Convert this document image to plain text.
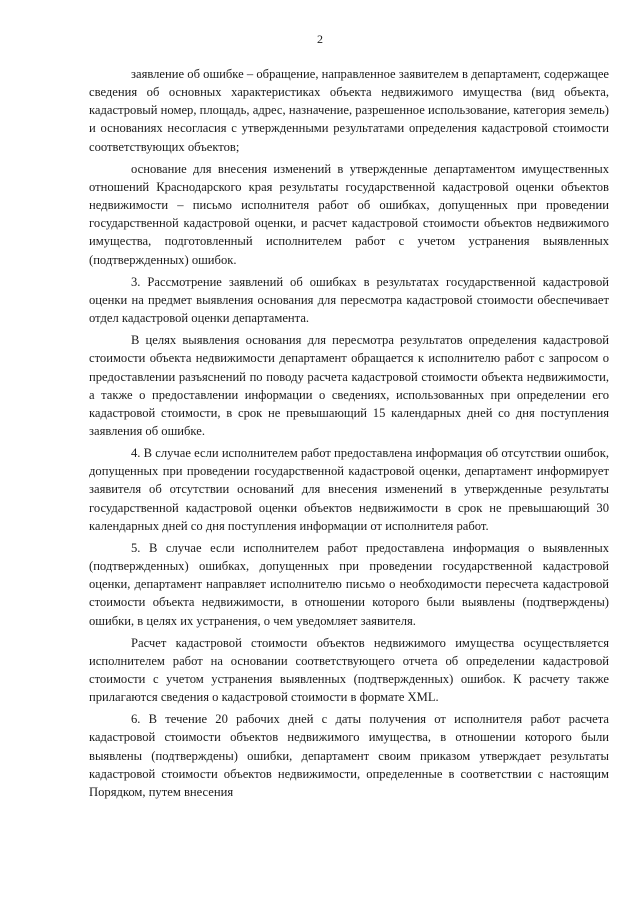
2

заявление об ошибке – обращение, направленное заявителем в департамент, содержащее сведения об основных характеристиках объекта недвижимого имущества (вид объекта, кадастровый номер, площадь, адрес, назначение, разрешенное использование, категория земель) и основаниях несогласия с утвержденными результатами определения кадастровой стоимости соответствующих объектов;

основание для внесения изменений в утвержденные департаментом имущественных отношений Краснодарского края результаты государственной кадастровой оценки объектов недвижимости – письмо исполнителя работ об ошибках, допущенных при проведении государственной кадастровой оценки, и расчет кадастровой стоимости объектов недвижимого имущества, подготовленный исполнителем работ с учетом устранения выявленных (подтвержденных) ошибок.

3. Рассмотрение заявлений об ошибках в результатах государственной кадастровой оценки на предмет выявления основания для пересмотра кадастровой стоимости обеспечивает отдел кадастровой оценки департамента.

В целях выявления основания для пересмотра результатов определения кадастровой стоимости объекта недвижимости департамент обращается к исполнителю работ с запросом о предоставлении разъяснений по поводу расчета кадастровой стоимости объекта недвижимости, а также о предоставлении информации о сведениях, использованных при определении его кадастровой стоимости, в срок не превышающий 15 календарных дней со дня поступления заявления об ошибке.

4. В случае если исполнителем работ предоставлена информация об отсутствии ошибок, допущенных при проведении государственной кадастровой оценки, департамент информирует заявителя об отсутствии оснований для внесения изменений в утвержденные результаты государственной кадастровой оценки объектов недвижимости в срок не превышающий 30 календарных дней со дня поступления информации от исполнителя работ.

5. В случае если исполнителем работ предоставлена информация о выявленных (подтвержденных) ошибках, допущенных при проведении государственной кадастровой оценки, департамент направляет исполнителю письмо о необходимости пересчета кадастровой стоимости объекта недвижимости, в отношении которого были выявлены (подтверждены) ошибки, в целях их устранения, о чем уведомляет заявителя.

Расчет кадастровой стоимости объектов недвижимого имущества осуществляется исполнителем работ на основании соответствующего отчета об определении кадастровой стоимости с учетом устранения выявленных (подтвержденных) ошибок. К расчету также прилагаются сведения о кадастровой стоимости в формате XML.

6. В течение 20 рабочих дней с даты получения от исполнителя работ расчета кадастровой стоимости объектов недвижимого имущества, в отношении которого были выявлены (подтверждены) ошибки, департамент своим приказом утверждает результаты кадастровой стоимости объектов недвижимости, определенные в соответствии с настоящим Порядком, путем внесения
